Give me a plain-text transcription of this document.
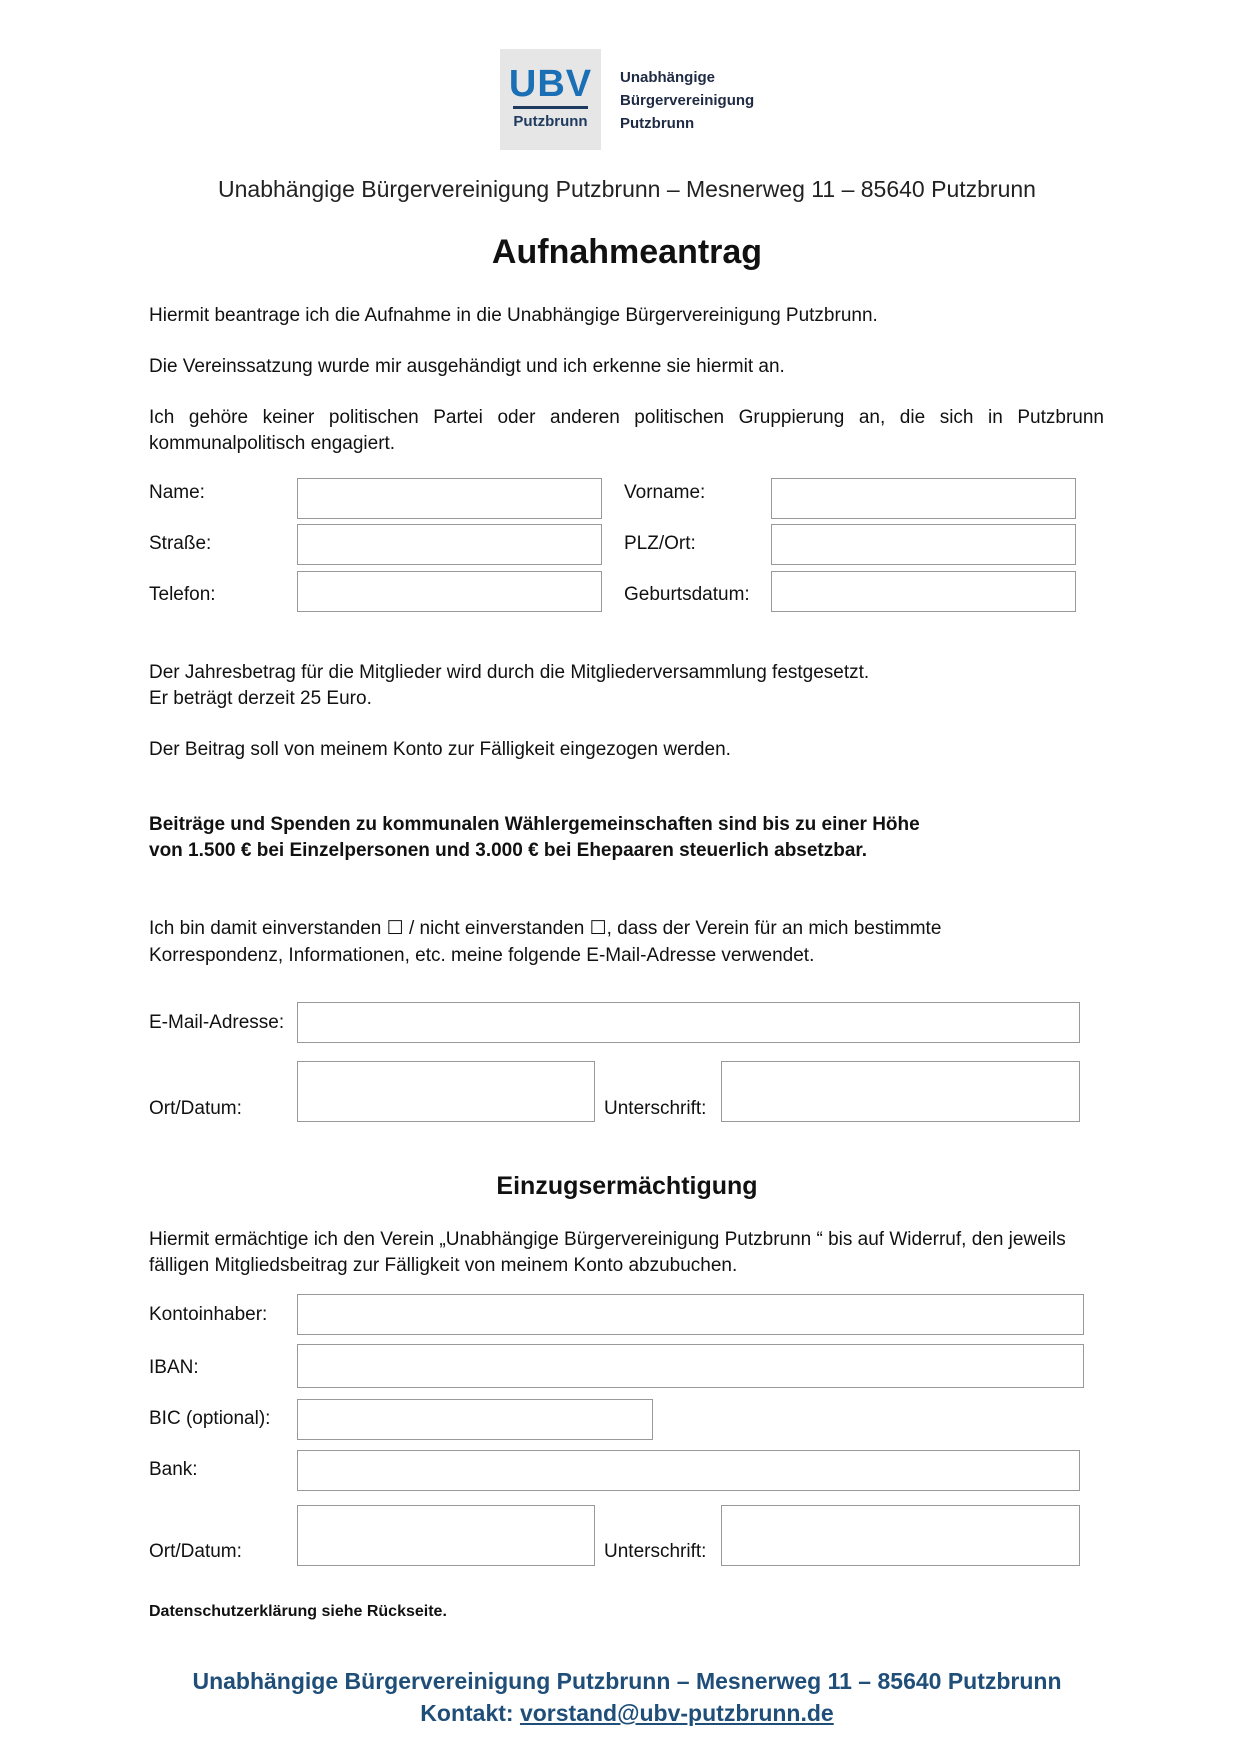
UBV
Putzbrunn
Unabhängige
Bürgervereinigung
Putzbrunn
Unabhängige Bürgervereinigung Putzbrunn – Mesnerweg 11 – 85640 Putzbrunn
Aufnahmeantrag
Hiermit beantrage ich die Aufnahme in die Unabhängige Bürgervereinigung Putzbrunn.
Die Vereinssatzung wurde mir ausgehändigt und ich erkenne sie hiermit an.
Ich gehöre keiner politischen Partei oder anderen politischen Gruppierung an, die sich in Putzbrunn kommunalpolitisch engagiert.
Name:	Vorname:
Straße:	PLZ/Ort:
Telefon:	Geburtsdatum:
Der Jahresbetrag für die Mitglieder wird durch die Mitgliederversammlung festgesetzt.
Er beträgt derzeit 25 Euro.
Der Beitrag soll von meinem Konto zur Fälligkeit eingezogen werden.
Beiträge und Spenden zu kommunalen Wählergemeinschaften sind bis zu einer Höhe
von 1.500 € bei Einzelpersonen und 3.000 € bei Ehepaaren steuerlich absetzbar.
Ich bin damit einverstanden ☐ / nicht einverstanden ☐, dass der Verein für an mich bestimmte
Korrespondenz, Informationen, etc. meine folgende E-Mail-Adresse verwendet.
E-Mail-Adresse:
Ort/Datum:	Unterschrift:
Einzugsermächtigung
Hiermit ermächtige ich den Verein „Unabhängige Bürgervereinigung Putzbrunn “ bis auf Widerruf, den jeweils fälligen Mitgliedsbeitrag zur Fälligkeit von meinem Konto abzubuchen.
Kontoinhaber:
IBAN:
BIC (optional):
Bank:
Ort/Datum:	Unterschrift:
Datenschutzerklärung siehe Rückseite.
Unabhängige Bürgervereinigung Putzbrunn – Mesnerweg 11 – 85640 Putzbrunn
Kontakt: vorstand@ubv-putzbrunn.de
